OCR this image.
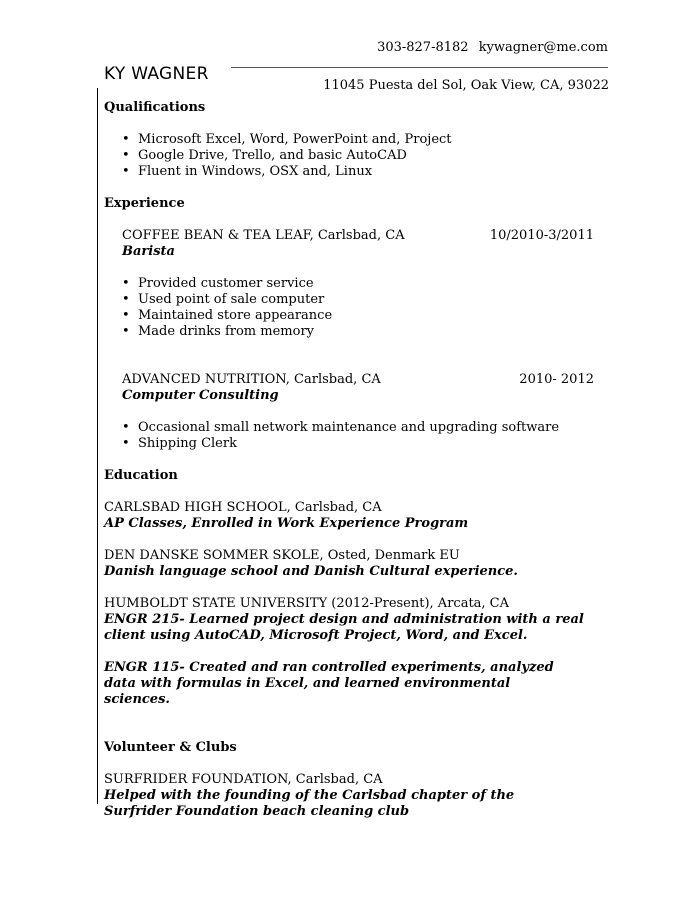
303-827-8182 kywagner@me.com
KY WAGNER
11045 Puesta del Sol, Oak View, CA, 93022
Qualifications
• Microsoft Excel, Word, PowerPoint and, Project
• Google Drive, Trello, and basic AutoCAD
• Fluent in Windows, OSX and, Linux
Experience
COFFEE BEAN & TEA LEAF, Carlsbad, CA	10/2010-3/2011
Barista
• Provided customer service
• Used point of sale computer
• Maintained store appearance
• Made drinks from memory
ADVANCED NUTRITION, Carlsbad, CA	2010- 2012
Computer Consulting
• Occasional small network maintenance and upgrading software
• Shipping Clerk
Education

CARLSBAD HIGH SCHOOL, Carlsbad, CA

AP Classes, Enrolled in Work Experience Program

DEN DANSKE SOMMER SKOLE, Osted, Denmark EU

Danish language school and Danish Cultural experience.

HUMBOLDT STATE UNIVERSITY (2012-Present), Arcata, CA

ENGR 215- Learned project design and administration with a real client using AutoCAD, Microsoft Project, Word, and Excel.

ENGR 115- Created and ran controlled experiments, analyzed data with formulas in Excel, and learned environmental sciences.

Volunteer & Clubs

SURFRIDER FOUNDATION, Carlsbad, CA

Helped with the founding of the Carlsbad chapter of the Surfrider Foundation beach cleaning club
